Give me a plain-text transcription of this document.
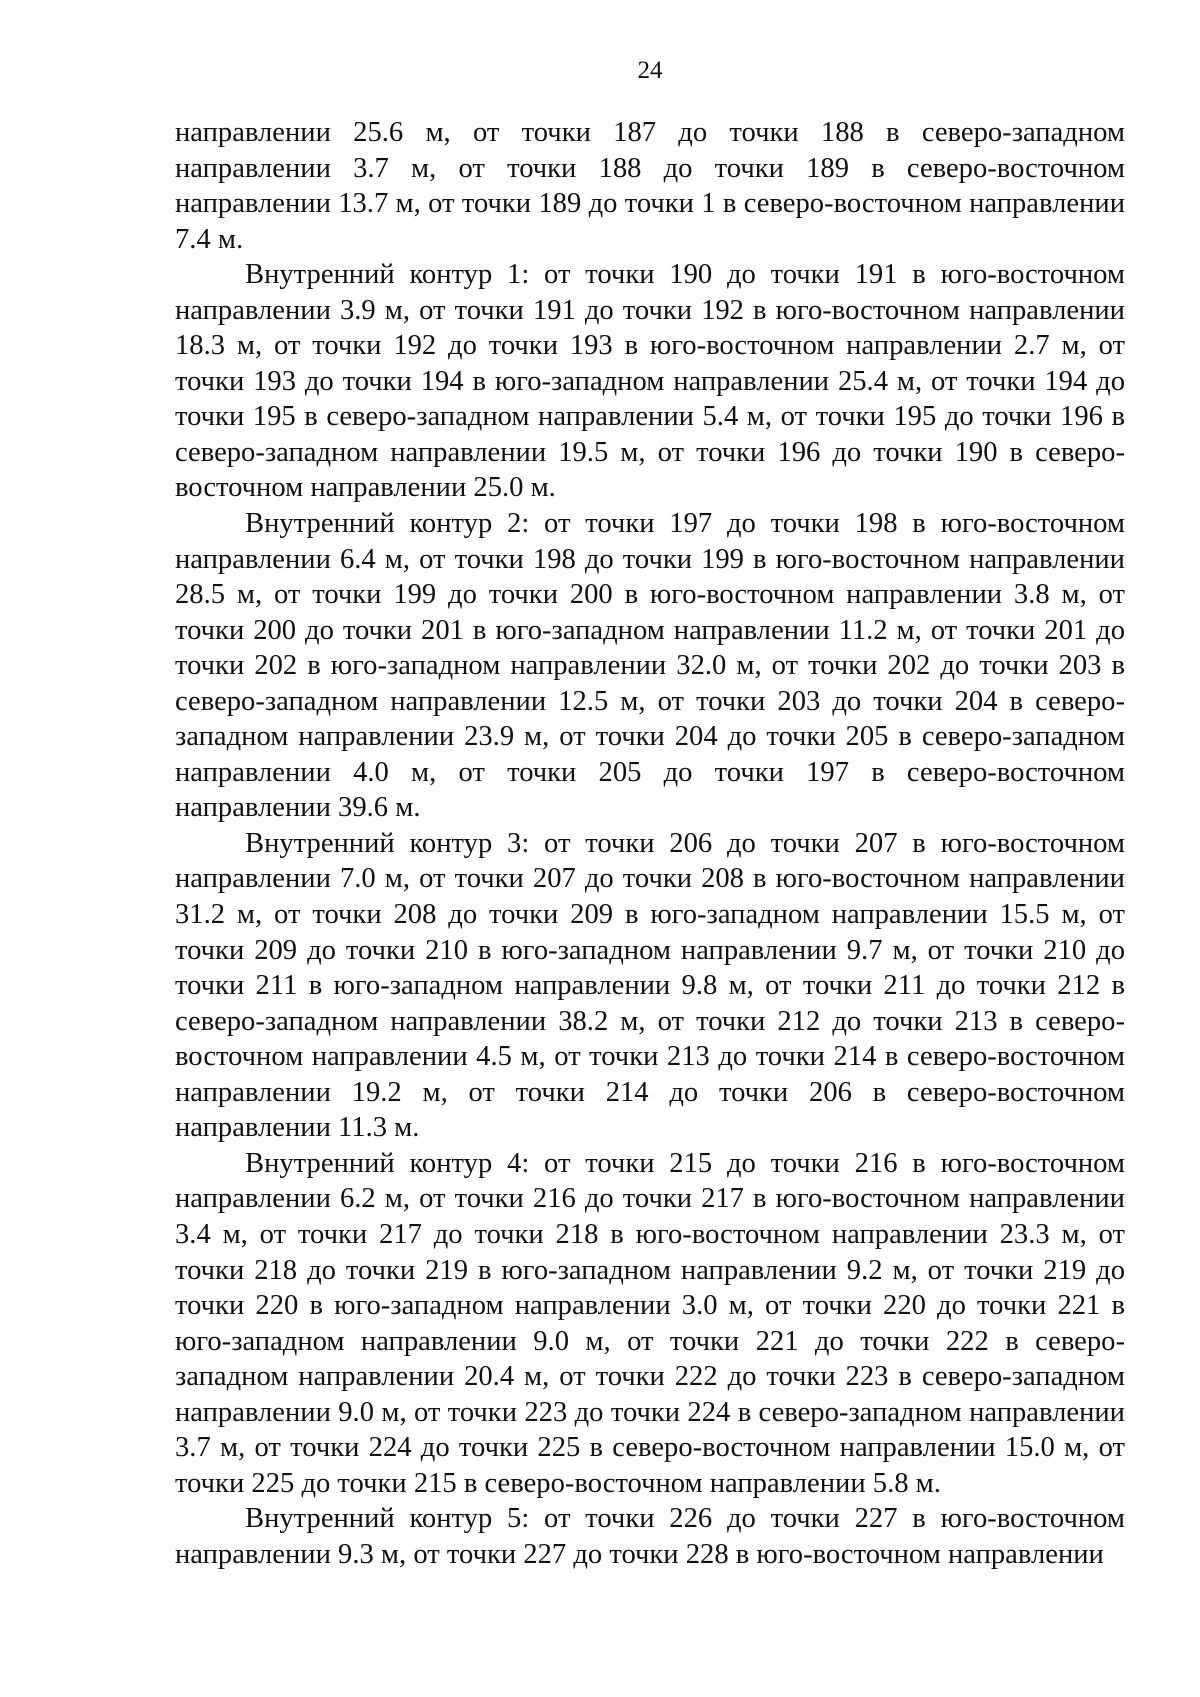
24

направлении 25.6 м, от точки 187 до точки 188 в северо-западном направлении 3.7 м, от точки 188 до точки 189 в северо-восточном направлении 13.7 м, от точки 189 до точки 1 в северо-восточном направлении 7.4 м.

Внутренний контур 1: от точки 190 до точки 191 в юго-восточном направлении 3.9 м, от точки 191 до точки 192 в юго-восточном направлении 18.3 м, от точки 192 до точки 193 в юго-восточном направлении 2.7 м, от точки 193 до точки 194 в юго-западном направлении 25.4 м, от точки 194 до точки 195 в северо-западном направлении 5.4 м, от точки 195 до точки 196 в северо-западном направлении 19.5 м, от точки 196 до точки 190 в северо-восточном направлении 25.0 м.

Внутренний контур 2: от точки 197 до точки 198 в юго-восточном направлении 6.4 м, от точки 198 до точки 199 в юго-восточном направлении 28.5 м, от точки 199 до точки 200 в юго-восточном направлении 3.8 м, от точки 200 до точки 201 в юго-западном направлении 11.2 м, от точки 201 до точки 202 в юго-западном направлении 32.0 м, от точки 202 до точки 203 в северо-западном направлении 12.5 м, от точки 203 до точки 204 в северо-западном направлении 23.9 м, от точки 204 до точки 205 в северо-западном направлении 4.0 м, от точки 205 до точки 197 в северо-восточном направлении 39.6 м.

Внутренний контур 3: от точки 206 до точки 207 в юго-восточном направлении 7.0 м, от точки 207 до точки 208 в юго-восточном направлении 31.2 м, от точки 208 до точки 209 в юго-западном направлении 15.5 м, от точки 209 до точки 210 в юго-западном направлении 9.7 м, от точки 210 до точки 211 в юго-западном направлении 9.8 м, от точки 211 до точки 212 в северо-западном направлении 38.2 м, от точки 212 до точки 213 в северо-восточном направлении 4.5 м, от точки 213 до точки 214 в северо-восточном направлении 19.2 м, от точки 214 до точки 206 в северо-восточном направлении 11.3 м.

Внутренний контур 4: от точки 215 до точки 216 в юго-восточном направлении 6.2 м, от точки 216 до точки 217 в юго-восточном направлении 3.4 м, от точки 217 до точки 218 в юго-восточном направлении 23.3 м, от точки 218 до точки 219 в юго-западном направлении 9.2 м, от точки 219 до точки 220 в юго-западном направлении 3.0 м, от точки 220 до точки 221 в юго-западном направлении 9.0 м, от точки 221 до точки 222 в северо-западном направлении 20.4 м, от точки 222 до точки 223 в северо-западном направлении 9.0 м, от точки 223 до точки 224 в северо-западном направлении 3.7 м, от точки 224 до точки 225 в северо-восточном направлении 15.0 м, от точки 225 до точки 215 в северо-восточном направлении 5.8 м.

Внутренний контур 5: от точки 226 до точки 227 в юго-восточном направлении 9.3 м, от точки 227 до точки 228 в юго-восточном направлении
